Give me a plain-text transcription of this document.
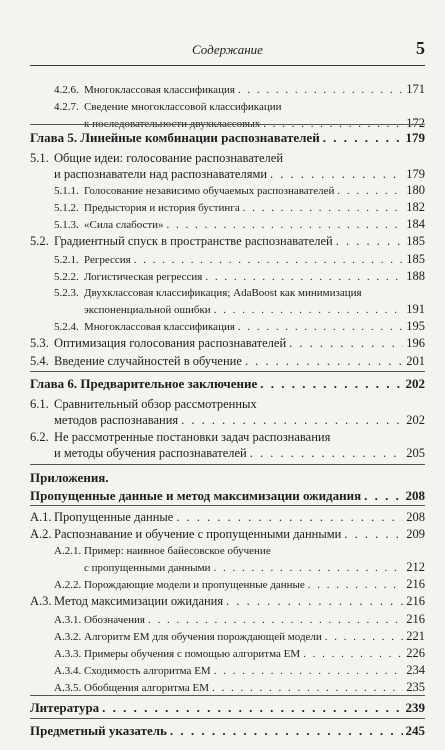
Содержание	5
4.2.6. Многоклассовая классификация . . .	171
4.2.7. Сведение многоклассовой классификации
к последовательности двухклассовых . . .	172
Глава 5. Линейные комбинации распознавателей . . .	179
5.1. Общие идеи: голосование распознавателей
и распознаватели над распознавателями . . .	179
5.1.1. Голосование независимо обучаемых распознавателей . . .	180
5.1.2. Предыстория и история бустинга . . .	182
5.1.3. «Сила слабости» . . .	184
5.2. Градиентный спуск в пространстве распознавателей . . .	185
5.2.1. Регрессия . . .	185
5.2.2. Логистическая регрессия . . .	188
5.2.3. Двухклассовая классификация; AdaBoost как минимизация
экспоненциальной ошибки . . .	191
5.2.4. Многоклассовая классификация . . .	195
5.3. Оптимизация голосования распознавателей . . .	196
5.4. Введение случайностей в обучение . . .	201
Глава 6. Предварительное заключение . . .	202
6.1. Сравнительный обзор рассмотренных
методов распознавания . . .	202
6.2. Не рассмотренные постановки задач распознавания
и методы обучения распознавателей . . .	205
Приложения.
Пропущенные данные и метод максимизации ожидания . . .	208
А.1. Пропущенные данные . . .	208
А.2. Распознавание и обучение с пропущенными данными . . .	209
А.2.1. Пример: наивное байесовское обучение
с пропущенными данными . . .	212
А.2.2. Порождающие модели и пропущенные данные . . .	216
А.3. Метод максимизации ожидания . . .	216
А.3.1. Обозначения . . .	216
А.3.2. Алгоритм ЕМ для обучения порождающей модели . . .	221
А.3.3. Примеры обучения с помощью алгоритма ЕМ . . .	226
А.3.4. Сходимость алгоритма ЕМ . . .	234
А.3.5. Обобщения алгоритма ЕМ . . .	235
Литература . . .	239
Предметный указатель . . .	245
